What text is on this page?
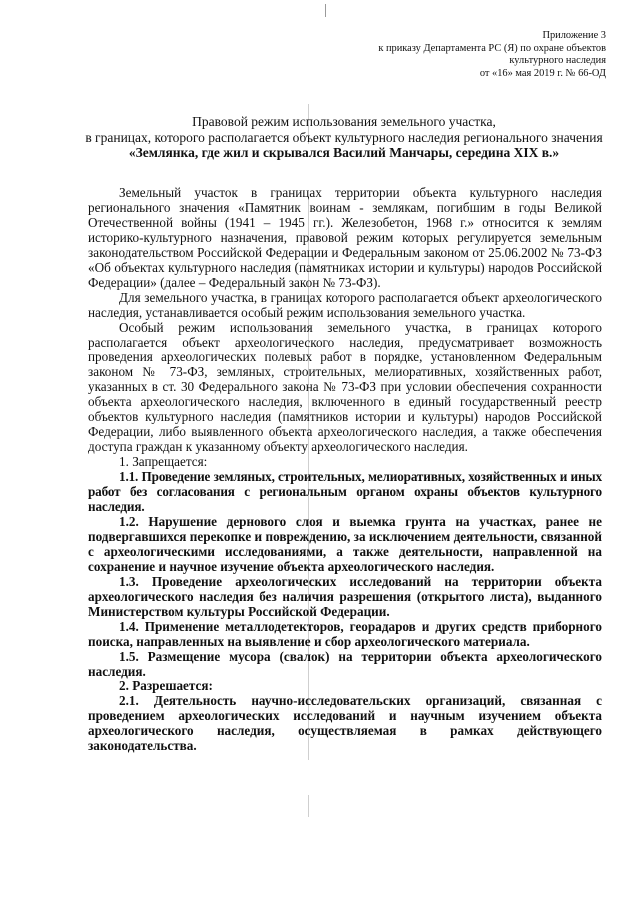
Приложение 3
к приказу Департамента РС (Я) по охране объектов
культурного наследия
от «16» мая 2019 г. № 66-ОД
Правовой режим использования земельного участка,
в границах, которого располагается объект культурного наследия регионального значения
«Землянка, где жил и скрывался Василий Манчары, середина XIX в.»

Земельный участок в границах территории объекта культурного наследия регионального значения «Памятник воинам - землякам, погибшим в годы Великой Отечественной войны (1941 – 1945 гг.). Железобетон, 1968 г.» относится к землям историко-культурного назначения, правовой режим которых регулируется земельным законодательством Российской Федерации и Федеральным законом от 25.06.2002 № 73-ФЗ «Об объектах культурного наследия (памятниках истории и культуры) народов Российской Федерации» (далее – Федеральный закон № 73-ФЗ).

Для земельного участка, в границах которого располагается объект археологического наследия, устанавливается особый режим использования земельного участка.

Особый режим использования земельного участка, в границах которого располагается объект археологического наследия, предусматривает возможность проведения археологических полевых работ в порядке, установленном Федеральным законом № 73-ФЗ, земляных, строительных, мелиоративных, хозяйственных работ, указанных в ст. 30 Федерального закона № 73-ФЗ при условии обеспечения сохранности объекта археологического наследия, включенного в единый государственный реестр объектов культурного наследия (памятников истории и культуры) народов Российской Федерации, либо выявленного объекта археологического наследия, а также обеспечения доступа граждан к указанному объекту археологического наследия.

1. Запрещается:

1.1. Проведение земляных, строительных, мелиоративных, хозяйственных и иных работ без согласования с региональным органом охраны объектов культурного наследия.

1.2. Нарушение дернового слоя и выемка грунта на участках, ранее не подвергавшихся перекопке и повреждению, за исключением деятельности, связанной с археологическими исследованиями, а также деятельности, направленной на сохранение и научное изучение объекта археологического наследия.

1.3. Проведение археологических исследований на территории объекта археологического наследия без наличия разрешения (открытого листа), выданного Министерством культуры Российской Федерации.

1.4. Применение металлодетекторов, георадаров и других средств приборного поиска, направленных на выявление и сбор археологического материала.

1.5. Размещение мусора (свалок) на территории объекта археологического наследия.

2. Разрешается:

2.1. Деятельность научно-исследовательских организаций, связанная с проведением археологических исследований и научным изучением объекта археологического наследия, осуществляемая в рамках действующего законодательства.
